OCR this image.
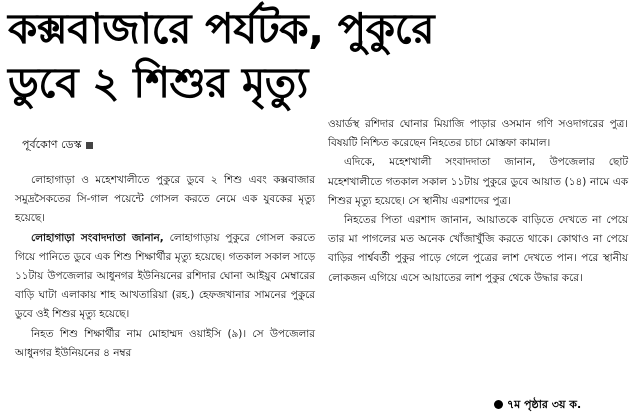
কক্সবাজারে পর্যটক, পুকুরে
ডুবে ২ শিশুর মৃত্যু
পূর্বকোণ ডেস্ক
লোহাগাড়া ও মহেশখালীতে পুকুরে ডুবে ২ শিশু এবং কক্সবাজার সমুদ্রসৈকতের সি-গাল পয়েন্টে গোসল করতে নেমে এক যুবকের মৃত্যু হয়েছে।
লোহাগাড়া সংবাদদাতা জানান, লোহাগাড়ায় পুকুরে গোসল করতে গিয়ে পানিতে ডুবে এক শিশু শিক্ষার্থীর মৃত্যু হয়েছে। গতকাল সকাল সাড়ে ১১টায় উপজেলার আধুনগর ইউনিয়নের রশিদার ঘোনা আইয়ুব মেম্বারের বাড়ি ঘাটা এলাকায় শাহ আখতারিয়া (রহ.) হেফজখানার সামনের পুকুরে ডুবে ওই শিশুর মৃত্যু হয়েছে।
নিহত শিশু শিক্ষার্থীর নাম মোহাম্মদ ওয়াইসি (৯)। সে উপজেলার আধুনগর ইউনিয়নের ৪ নম্বর
ওয়ার্ডস্থ রশিদার ঘোনার মিয়াজি পাড়ার ওসমান গণি সওদাগরের পুত্র। বিষয়টি নিশ্চিত করেছেন নিহতের চাচা মোস্তফা কামাল।
এদিকে, মহেশখালী সংবাদদাতা জানান, উপজেলার ছোট মহেশখালীতে গতকাল সকাল ১১টায় পুকুরে ডুবে আয়াত (১৪) নামে এক শিশুর মৃত্যু হয়েছে। সে স্থানীয় এরশাদের পুত্র।
নিহতের পিতা এরশাদ জানান, আয়াতকে বাড়িতে দেখতে না পেয়ে তার মা পাগলের মত অনেক খোঁজাখুঁজি করতে থাকে। কোথাও না পেয়ে বাড়ির পার্শ্ববর্তী পুকুর পাড়ে গেলে পুত্রের লাশ দেখতে পান। পরে স্থানীয় লোকজন এগিয়ে এসে আয়াতের লাশ পুকুর থেকে উদ্ধার করে।
৭ম পৃষ্ঠার ৩য় ক.
